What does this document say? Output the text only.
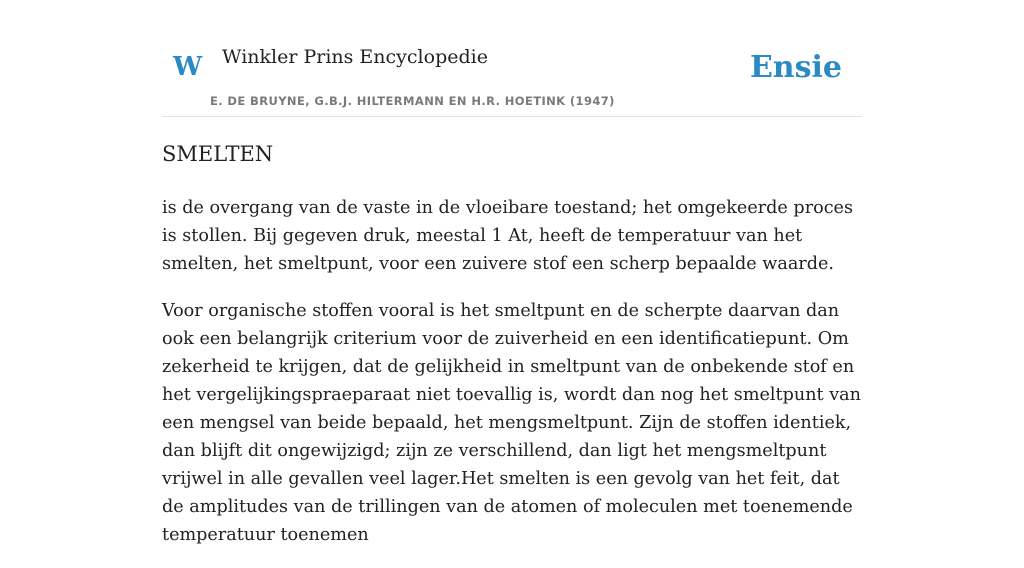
W Winkler Prins Encyclopedie
E. DE BRUYNE, G.B.J. HILTERMANN EN H.R. HOETINK (1947)
Ensie
SMELTEN

is de overgang van de vaste in de vloeibare toestand; het omgekeerde proces is stollen. Bij gegeven druk, meestal 1 At, heeft de temperatuur van het smelten, het smeltpunt, voor een zuivere stof een scherp bepaalde waarde.

Voor organische stoffen vooral is het smeltpunt en de scherpte daarvan dan ook een belangrijk criterium voor de zuiverheid en een identificatiepunt. Om zekerheid te krijgen, dat de gelijkheid in smeltpunt van de onbekende stof en het vergelijkingspraeparaat niet toevallig is, wordt dan nog het smeltpunt van een mengsel van beide bepaald, het mengsmeltpunt. Zijn de stoffen identiek, dan blijft dit ongewijzigd; zijn ze verschillend, dan ligt het mengsmeltpunt vrijwel in alle gevallen veel lager.Het smelten is een gevolg van het feit, dat de amplitudes van de trillingen van de atomen of moleculen met toenemende temperatuur toenemen
